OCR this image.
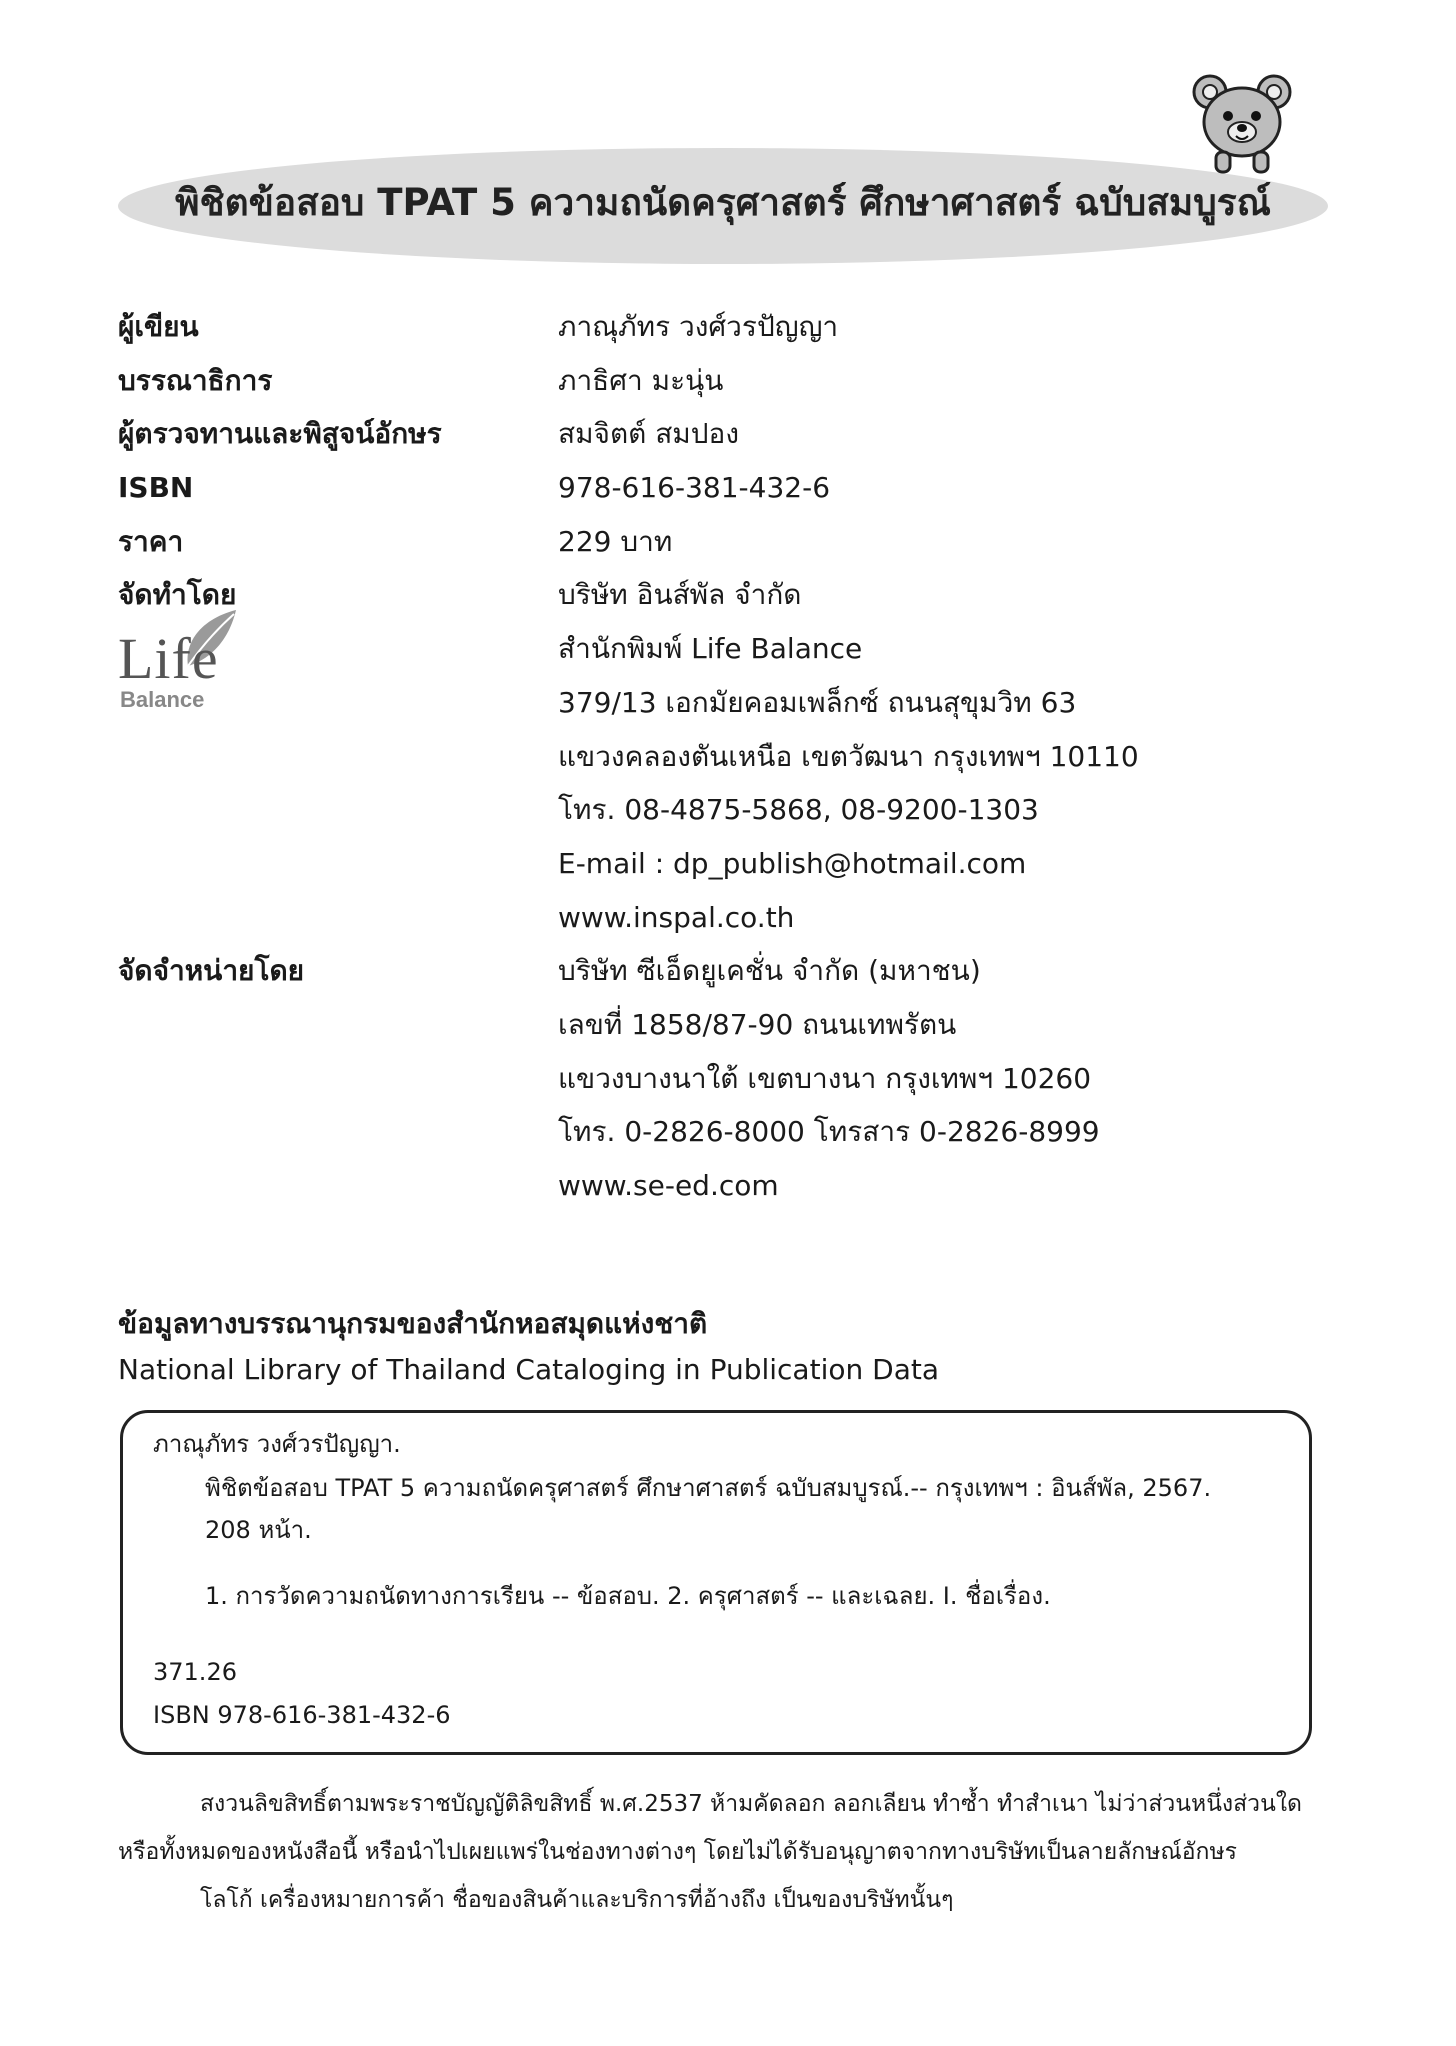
พิชิตข้อสอบ TPAT 5 ความถนัดครุศาสตร์ ศึกษาศาสตร์ ฉบับสมบูรณ์
ผู้เขียน	ภาณุภัทร วงศ์วรปัญญา
บรรณาธิการ	ภาธิศา มะนุ่น
ผู้ตรวจทานและพิสูจน์อักษร	สมจิตต์ สมปอง
ISBN	978-616-381-432-6
ราคา	229 บาท
จัดทำโดย	บริษัท อินส์พัล จำกัด
สำนักพิมพ์ Life Balance
379/13 เอกมัยคอมเพล็กซ์ ถนนสุขุมวิท 63
แขวงคลองตันเหนือ เขตวัฒนา กรุงเทพฯ 10110
โทร. 08-4875-5868, 08-9200-1303
E-mail : dp_publish@hotmail.com
www.inspal.co.th
จัดจำหน่ายโดย	บริษัท ซีเอ็ดยูเคชั่น จำกัด (มหาชน)
เลขที่ 1858/87-90 ถนนเทพรัตน
แขวงบางนาใต้ เขตบางนา กรุงเทพฯ 10260
โทร. 0-2826-8000 โทรสาร 0-2826-8999
www.se-ed.com
Life
Balance
ข้อมูลทางบรรณานุกรมของสำนักหอสมุดแห่งชาติ
National Library of Thailand Cataloging in Publication Data
ภาณุภัทร วงศ์วรปัญญา.
พิชิตข้อสอบ TPAT 5 ความถนัดครุศาสตร์ ศึกษาศาสตร์ ฉบับสมบูรณ์.-- กรุงเทพฯ : อินส์พัล, 2567.
208 หน้า.
1. การวัดความถนัดทางการเรียน -- ข้อสอบ. 2. ครุศาสตร์ -- และเฉลย. I. ชื่อเรื่อง.
371.26
ISBN 978-616-381-432-6
สงวนลิขสิทธิ์ตามพระราชบัญญัติลิขสิทธิ์ พ.ศ.2537 ห้ามคัดลอก ลอกเลียน ทำซ้ำ ทำสำเนา ไม่ว่าส่วนหนึ่งส่วนใด
หรือทั้งหมดของหนังสือนี้ หรือนำไปเผยแพร่ในช่องทางต่างๆ โดยไม่ได้รับอนุญาตจากทางบริษัทเป็นลายลักษณ์อักษร
โลโก้ เครื่องหมายการค้า ชื่อของสินค้าและบริการที่อ้างถึง เป็นของบริษัทนั้นๆ
